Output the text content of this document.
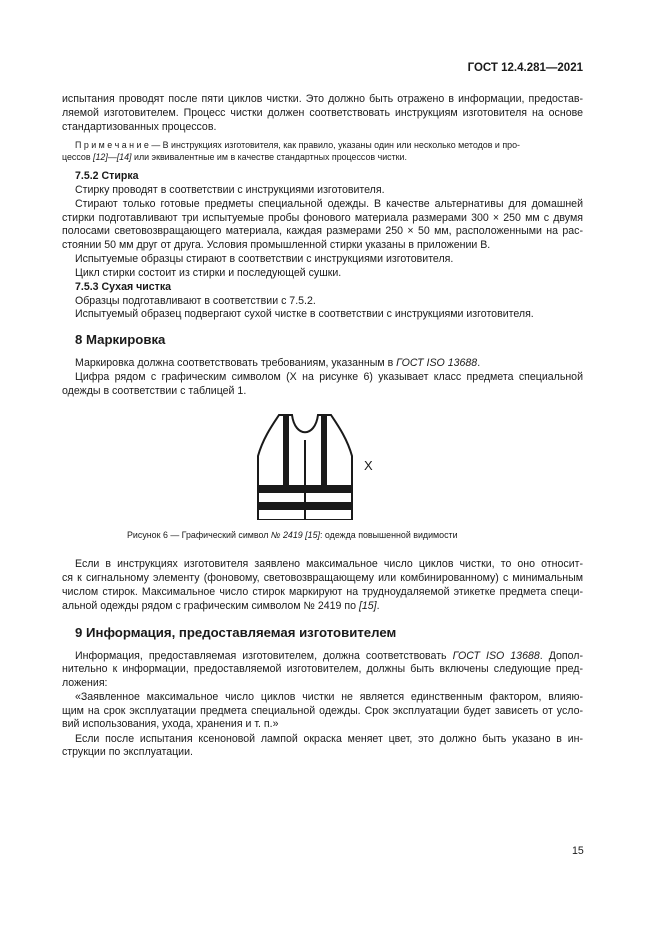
ГОСТ 12.4.281—2021
испытания проводят после пяти циклов чистки. Это должно быть отражено в информации, предостав-
ляемой изготовителем. Процесс чистки должен соответствовать инструкциям изготовителя на основе
стандартизованных процессов.
П р и м е ч а н и е — В инструкциях изготовителя, как правило, указаны один или несколько методов и про-
цессов [12]—[14] или эквивалентные им в качестве стандартных процессов чистки.
7.5.2 Стирка
Стирку проводят в соответствии с инструкциями изготовителя.
Стирают только готовые предметы специальной одежды. В качестве альтернативы для домашней
стирки подготавливают три испытуемые пробы фонового материала размерами 300 × 250 мм с двумя
полосами световозвращающего материала, каждая размерами 250 × 50 мм, расположенными на рас-
стоянии 50 мм друг от друга. Условия промышленной стирки указаны в приложении В.
Испытуемые образцы стирают в соответствии с инструкциями изготовителя.
Цикл стирки состоит из стирки и последующей сушки.
7.5.3 Сухая чистка
Образцы подготавливают в соответствии с 7.5.2.
Испытуемый образец подвергают сухой чистке в соответствии с инструкциями изготовителя.
8 Маркировка
Маркировка должна соответствовать требованиям, указанным в ГОСТ ISO 13688.
Цифра рядом с графическим символом (X на рисунке 6) указывает класс предмета специальной
одежды в соответствии с таблицей 1.
X
Рисунок 6 — Графический символ № 2419 [15]: одежда повышенной видимости
Если в инструкциях изготовителя заявлено максимальное число циклов чистки, то оно относит-
ся к сигнальному элементу (фоновому, световозвращающему или комбинированному) с минимальным
числом стирок. Максимальное число стирок маркируют на трудноудаляемой этикетке предмета специ-
альной одежды рядом с графическим символом № 2419 по [15].
9 Информация, предоставляемая изготовителем
Информация, предоставляемая изготовителем, должна соответствовать ГОСТ ISO 13688. Допол-
нительно к информации, предоставляемой изготовителем, должны быть включены следующие пред-
ложения:
«Заявленное максимальное число циклов чистки не является единственным фактором, влияю-
щим на срок эксплуатации предмета специальной одежды. Срок эксплуатации будет зависеть от усло-
вий использования, ухода, хранения и т. п.»
Если после испытания ксеноновой лампой окраска меняет цвет, это должно быть указано в ин-
струкции по эксплуатации.
15
